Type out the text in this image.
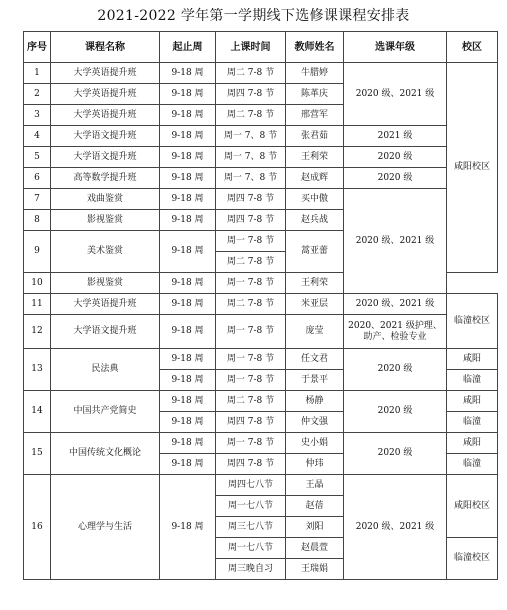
2021-2022 学年第一学期线下选修课课程安排表
序号	课程名称	起止周	上课时间	教师姓名	选课年级	校区
1	大学英语提升班	9-18 周	周二 7-8 节	牛腊婷	2020 级、2021 级	咸阳校区
2	大学英语提升班	9-18 周	周四 7-8 节	陈革庆		
3	大学英语提升班	9-18 周	周二 7-8 节	邢营军		
4	大学语文提升班	9-18 周	周一 7、8 节	张君茹	2021 级	
5	大学语文提升班	9-18 周	周一 7、8 节	王利荣	2020 级	
6	高等数学提升班	9-18 周	周一 7、8 节	赵成辉	2020 级	
7	戏曲鉴赏	9-18 周	周四 7-8 节	买中傲	2020 级、2021 级	
8	影视鉴赏	9-18 周	周四 7-8 节	赵兵战		
9	美术鉴赏	9-18 周	周一 7-8 节	蒿亚蕾		
			周二 7-8 节			
10	影视鉴赏	9-18 周	周一 7-8 节	王利荣		
11	大学英语提升班	9-18 周	周二 7-8 节	米亚层	2020 级、2021 级	临潼校区
12	大学语文提升班	9-18 周	周一 7-8 节	庞莹	2020、2021 级护理、助产、检验专业	
13	民法典	9-18 周	周一 7-8 节	任文君	2020 级	咸阳
		9-18 周	周一 7-8 节	于景平		临潼
14	中国共产党简史	9-18 周	周二 7-8 节	杨静	2020 级	咸阳
		9-18 周	周四 7-8 节	仲文强		临潼
15	中国传统文化概论	9-18 周	周一 7-8 节	史小娟	2020 级	咸阳
		9-18 周	周四 7-8 节	仲玮		临潼
16	心理学与生活	9-18 周	周四七八节	王晶	2020 级、2021 级	咸阳校区
			周一七八节	赵蓓		
			周三七八节	刘阳		
			周一七八节	赵晨萱		临潼校区
			周三晚自习	王瑞娟		
